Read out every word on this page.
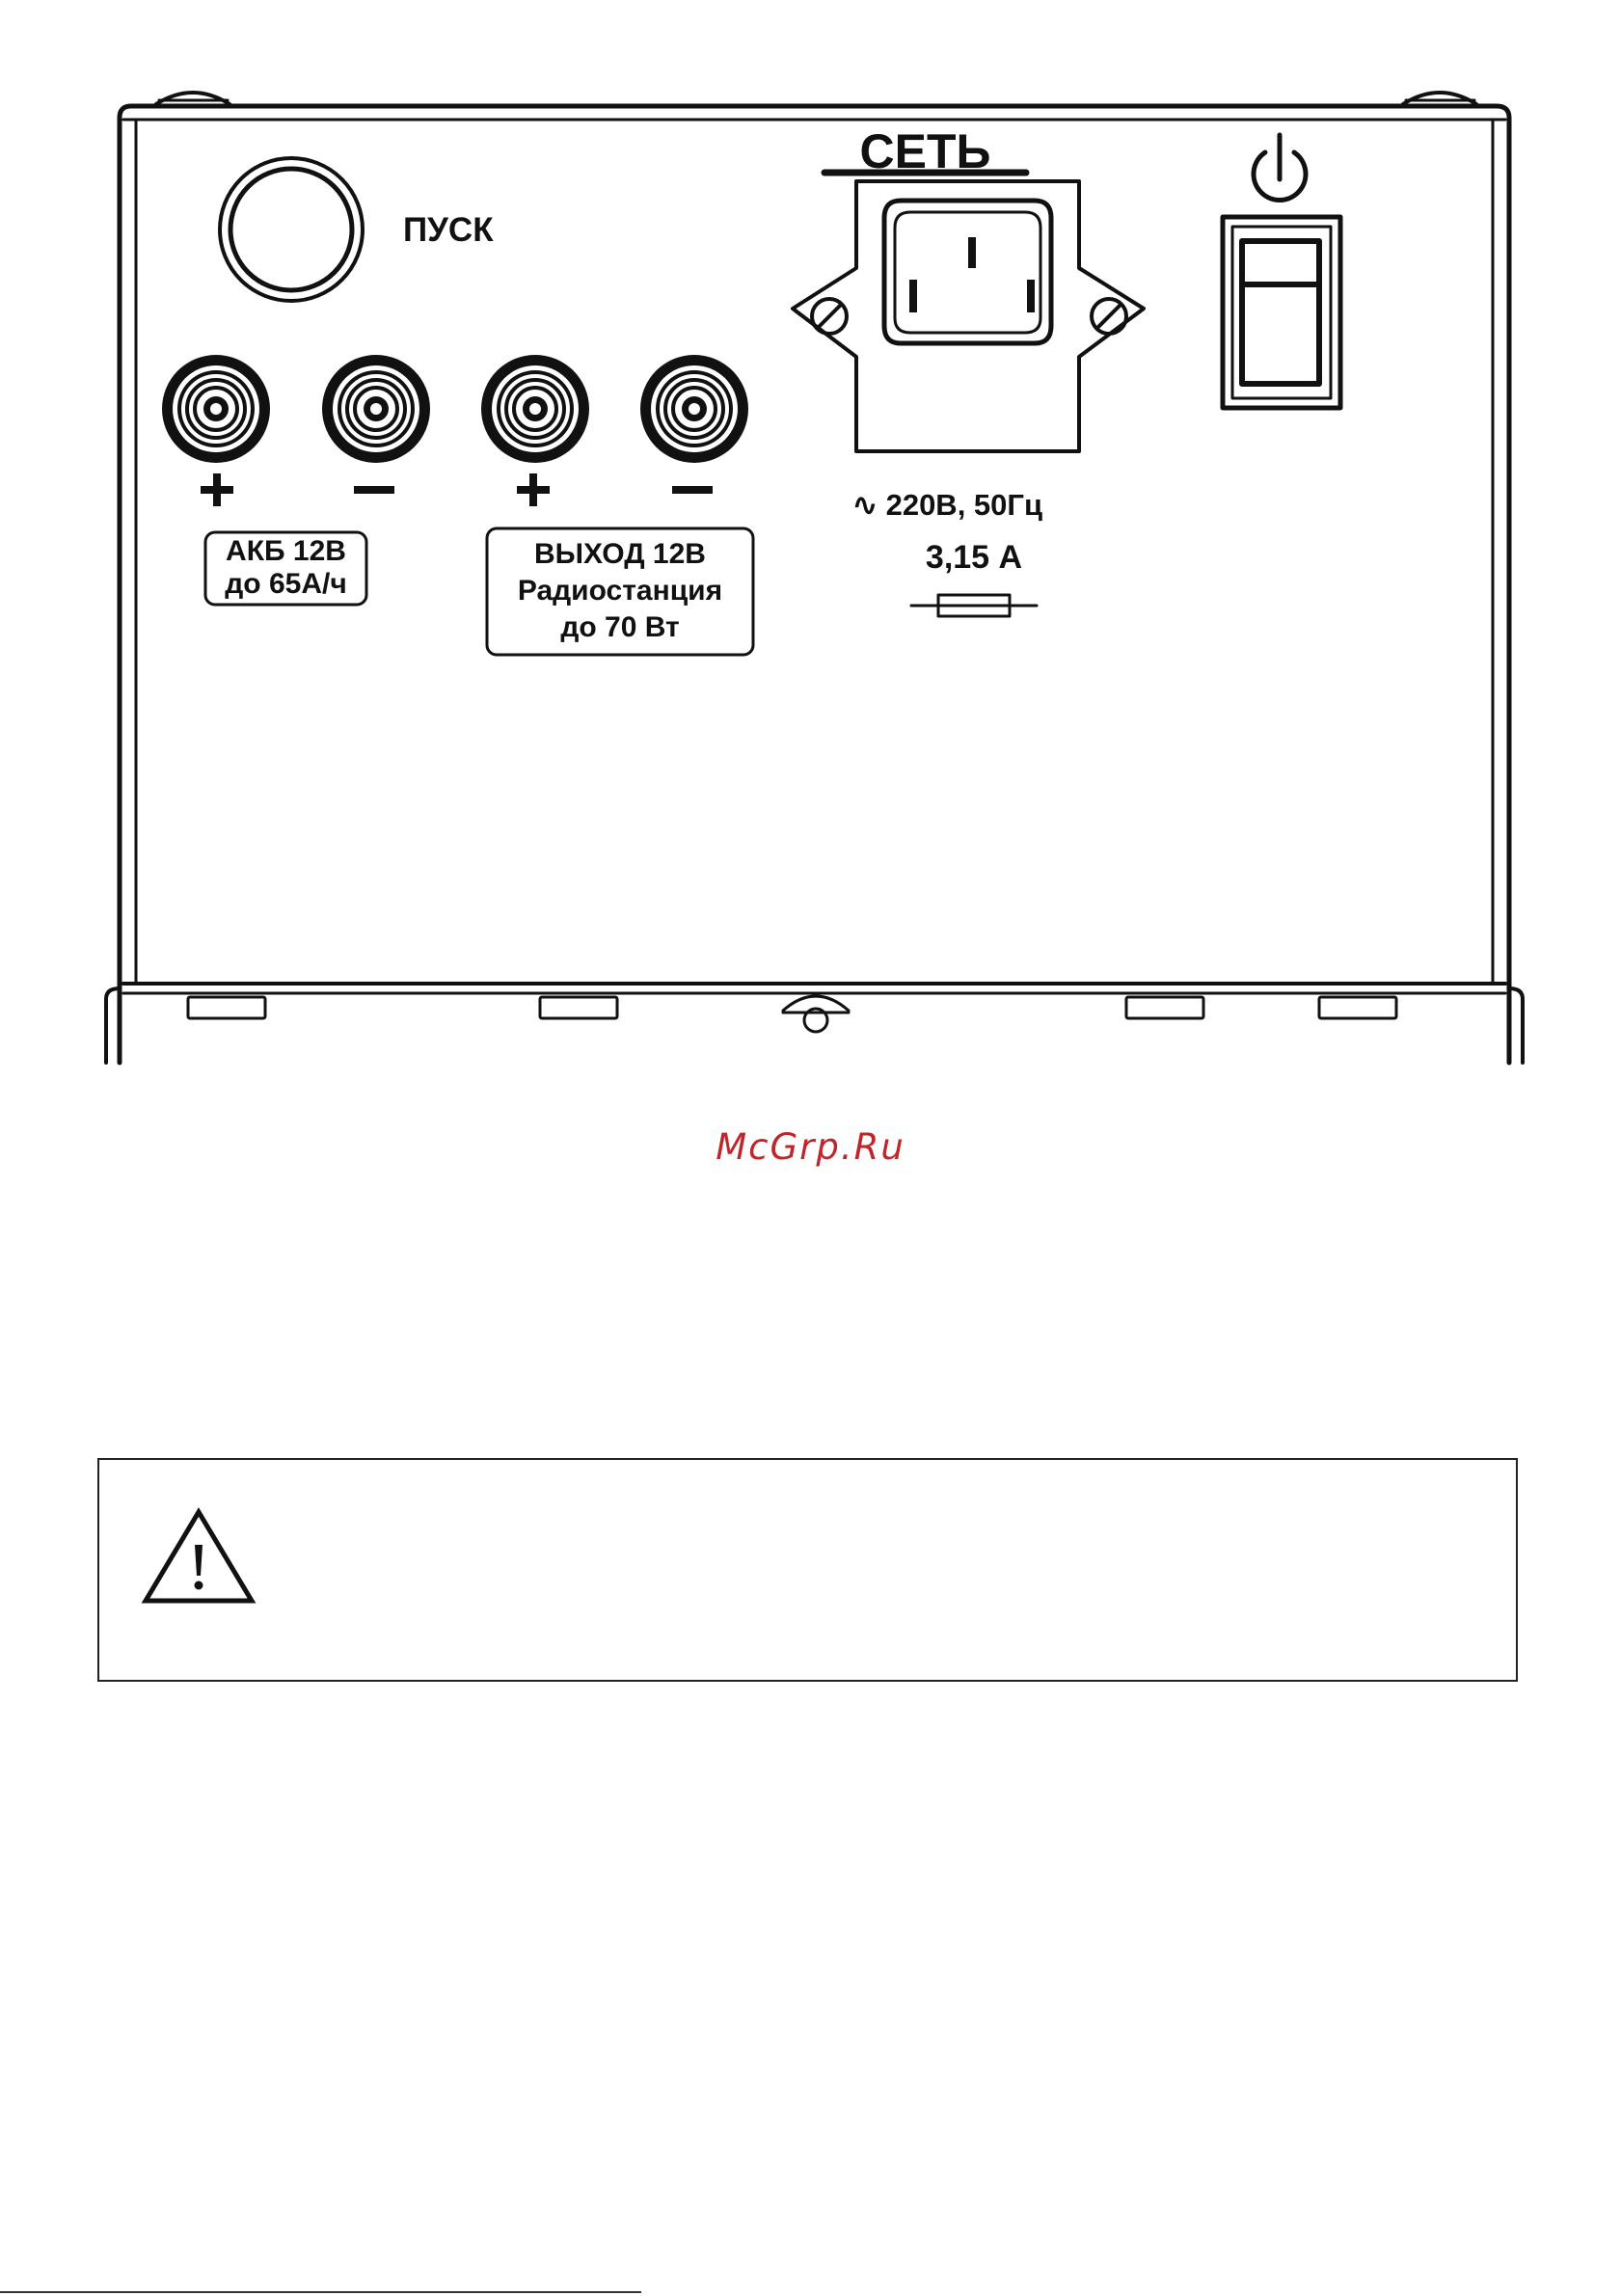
ПУСК
СЕТЬ
АКБ 12В
до 65А/ч
ВЫХОД 12В
Радиостанция
до 70 Вт
∿ 220В, 50Гц
3,15 А
McGrp.Ru
